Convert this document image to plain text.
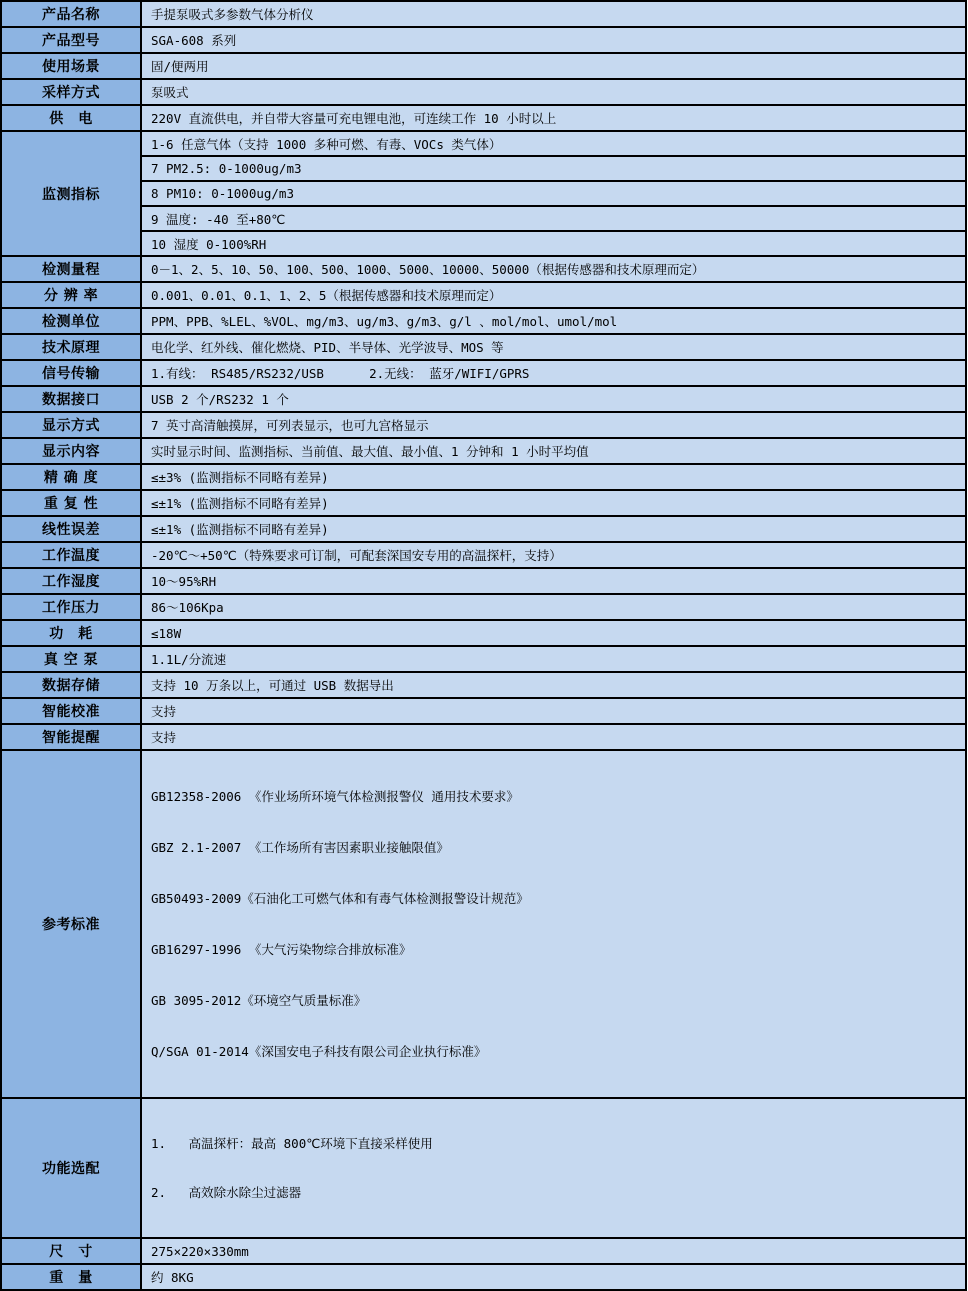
产品名称	手提泵吸式多参数气体分析仪
产品型号	SGA-608 系列
使用场景	固/便两用
采样方式	泵吸式
供　电	220V 直流供电，并自带大容量可充电锂电池，可连续工作 10 小时以上
监测指标	1-6 任意气体（支持 1000 多种可燃、有毒、VOCs 类气体）
	7 PM2.5: 0-1000ug/m3
	8 PM10: 0-1000ug/m3
	9 温度: -40 至+80℃
	10 湿度 0-100%RH
检测量程	0－1、2、5、10、50、100、500、1000、5000、10000、50000（根据传感器和技术原理而定）
分 辨 率	0.001、0.01、0.1、1、2、5（根据传感器和技术原理而定）
检测单位	PPM、PPB、%LEL、%VOL、mg/m3、ug/m3、g/m3、g/l 、mol/mol、umol/mol
技术原理	电化学、红外线、催化燃烧、PID、半导体、光学波导、MOS 等
信号传输	1.有线： RS485/RS232/USB      2.无线： 蓝牙/WIFI/GPRS
数据接口	USB 2 个/RS232 1 个
显示方式	7 英寸高清触摸屏，可列表显示，也可九宫格显示
显示内容	实时显示时间、监测指标、当前值、最大值、最小值、1 分钟和 1 小时平均值
精 确 度	≤±3% (监测指标不同略有差异)
重 复 性	≤±1% (监测指标不同略有差异)
线性误差	≤±1% (监测指标不同略有差异)
工作温度	-20℃～+50℃（特殊要求可订制，可配套深国安专用的高温探杆，支持）
工作湿度	10～95%RH
工作压力	86～106Kpa
功　耗	≤18W
真 空 泵	1.1L/分流速
数据存储	支持 10 万条以上，可通过 USB 数据导出
智能校准	支持
智能提醒	支持
参考标准	

GB12358-2006 《作业场所环境气体检测报警仪 通用技术要求》

GBZ 2.1-2007 《工作场所有害因素职业接触限值》

GB50493-2009《石油化工可燃气体和有毒气体检测报警设计规范》

GB16297-1996 《大气污染物综合排放标准》

GB 3095-2012《环境空气质量标准》

Q/SGA 01-2014《深国安电子科技有限公司企业执行标准》

功能选配	1.   高温探杆：最高 800℃环境下直接采样使用

2.   高效除水除尘过滤器

尺　寸	275×220×330mm
重　量	约 8KG
